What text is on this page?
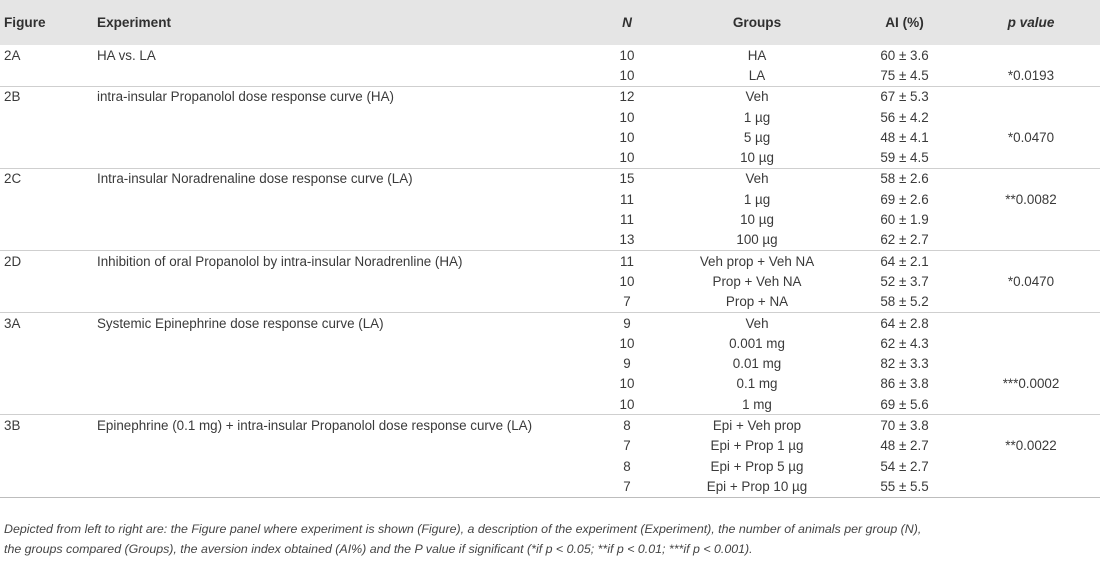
Figure	Experiment	N	Groups	AI (%)	p value
2A	HA vs. LA	10	HA	60 ± 3.6	
		10	LA	75 ± 4.5	*0.0193
2B	intra-insular Propanolol dose response curve (HA)	12	Veh	67 ± 5.3	
		10	1 µg	56 ± 4.2	
		10	5 µg	48 ± 4.1	*0.0470
		10	10 µg	59 ± 4.5	
2C	Intra-insular Noradrenaline dose response curve (LA)	15	Veh	58 ± 2.6	
		11	1 µg	69 ± 2.6	**0.0082
		11	10 µg	60 ± 1.9	
		13	100 µg	62 ± 2.7	
2D	Inhibition of oral Propanolol by intra-insular Noradrenline (HA)	11	Veh prop + Veh NA	64 ± 2.1	
		10	Prop + Veh NA	52 ± 3.7	*0.0470
		7	Prop + NA	58 ± 5.2	
3A	Systemic Epinephrine dose response curve (LA)	9	Veh	64 ± 2.8	
		10	0.001 mg	62 ± 4.3	
		9	0.01 mg	82 ± 3.3	
		10	0.1 mg	86 ± 3.8	***0.0002
		10	1 mg	69 ± 5.6	
3B	Epinephrine (0.1 mg) + intra-insular Propanolol dose response curve (LA)	8	Epi + Veh prop	70 ± 3.8	
		7	Epi + Prop 1 µg	48 ± 2.7	**0.0022
		8	Epi + Prop 5 µg	54 ± 2.7	
		7	Epi + Prop 10 µg	55 ± 5.5	
Depicted from left to right are: the Figure panel where experiment is shown (Figure), a description of the experiment (Experiment), the number of animals per group (N),
the groups compared (Groups), the aversion index obtained (AI%) and the P value if significant (*if p < 0.05; **if p < 0.01; ***if p < 0.001).
